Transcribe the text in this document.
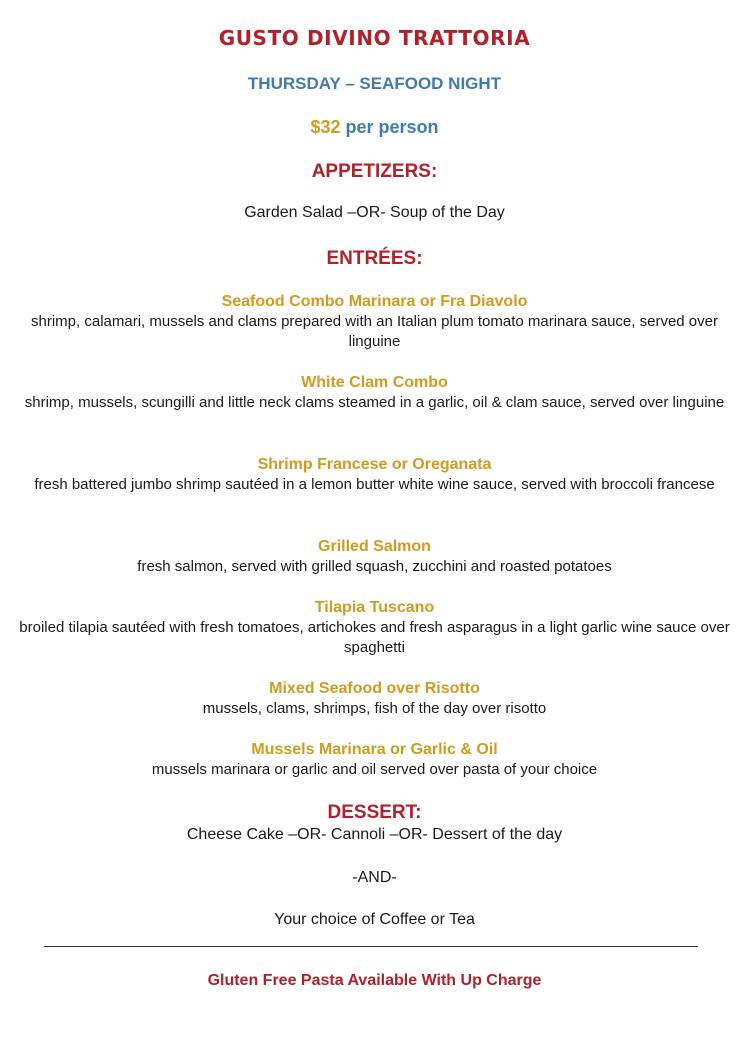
GUSTO DIVINO TRATTORIA
THURSDAY – SEAFOOD NIGHT
$32 per person
APPETIZERS:
Garden Salad –OR- Soup of the Day
ENTRÉES:
Seafood Combo Marinara or Fra Diavolo
shrimp, calamari, mussels and clams prepared with an Italian plum tomato marinara sauce, served over linguine
White Clam Combo
shrimp, mussels, scungilli and little neck clams steamed in a garlic, oil & clam sauce, served over linguine
Shrimp Francese or Oreganata
fresh battered jumbo shrimp sautéed in a lemon butter white wine sauce, served with broccoli francese
Grilled Salmon
fresh salmon, served with grilled squash, zucchini and roasted potatoes
Tilapia Tuscano
broiled tilapia sautéed with fresh tomatoes, artichokes and fresh asparagus in a light garlic wine sauce over spaghetti
Mixed Seafood over Risotto
mussels, clams, shrimps, fish of the day over risotto
Mussels Marinara or Garlic & Oil
mussels marinara or garlic and oil served over pasta of your choice
DESSERT:
Cheese Cake –OR- Cannoli –OR- Dessert of the day
-AND-
Your choice of Coffee or Tea
Gluten Free Pasta Available With Up Charge
